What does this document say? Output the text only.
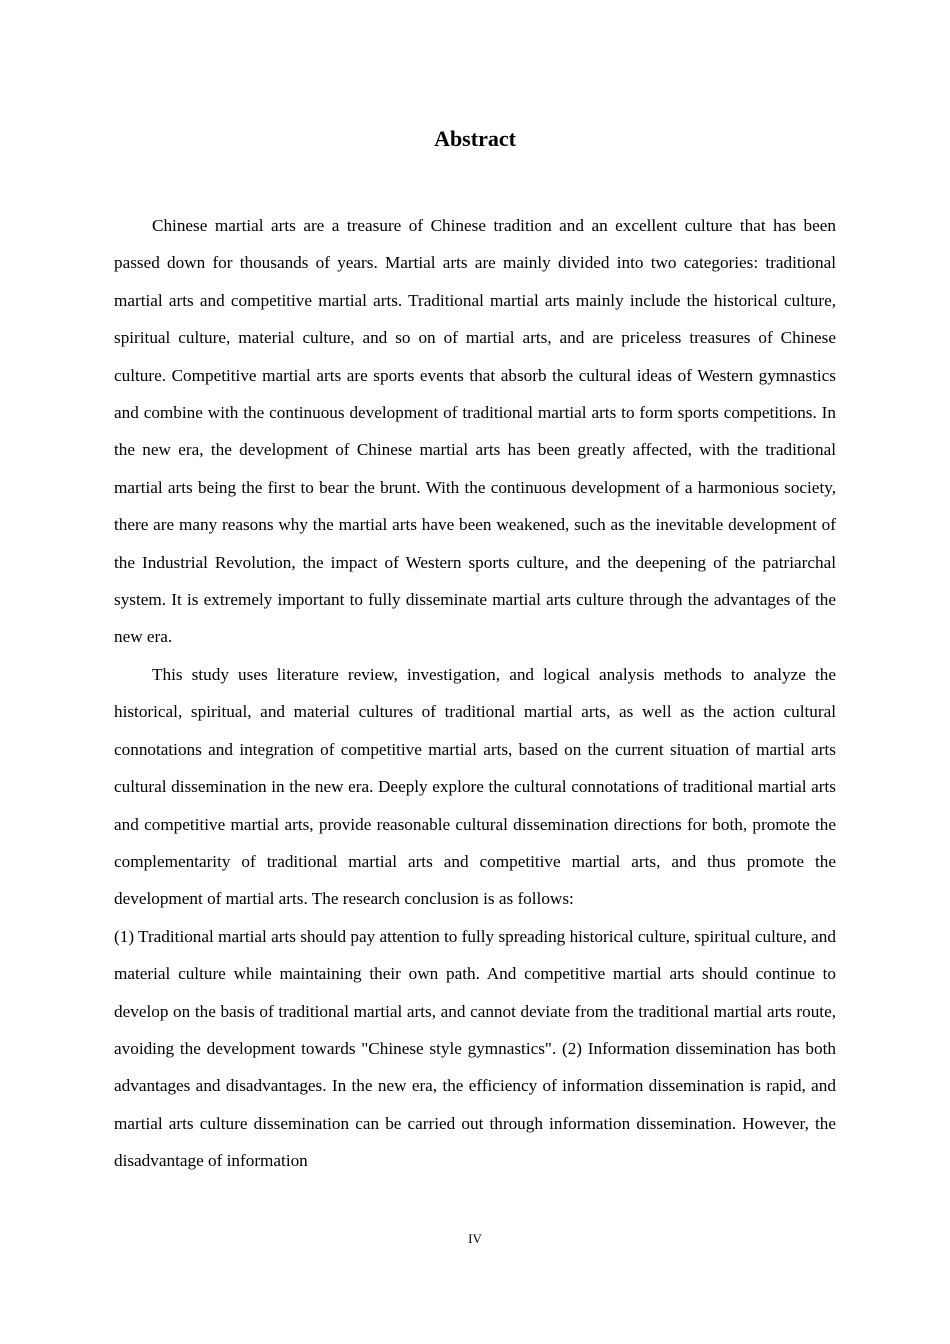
Abstract

Chinese martial arts are a treasure of Chinese tradition and an excellent culture that has been passed down for thousands of years. Martial arts are mainly divided into two categories: traditional martial arts and competitive martial arts. Traditional martial arts mainly include the historical culture, spiritual culture, material culture, and so on of martial arts, and are priceless treasures of Chinese culture. Competitive martial arts are sports events that absorb the cultural ideas of Western gymnastics and combine with the continuous development of traditional martial arts to form sports competitions. In the new era, the development of Chinese martial arts has been greatly affected, with the traditional martial arts being the first to bear the brunt. With the continuous development of a harmonious society, there are many reasons why the martial arts have been weakened, such as the inevitable development of the Industrial Revolution, the impact of Western sports culture, and the deepening of the patriarchal system. It is extremely important to fully disseminate martial arts culture through the advantages of the new era.

This study uses literature review, investigation, and logical analysis methods to analyze the historical, spiritual, and material cultures of traditional martial arts, as well as the action cultural connotations and integration of competitive martial arts, based on the current situation of martial arts cultural dissemination in the new era. Deeply explore the cultural connotations of traditional martial arts and competitive martial arts, provide reasonable cultural dissemination directions for both, promote the complementarity of traditional martial arts and competitive martial arts, and thus promote the development of martial arts. The research conclusion is as follows:

(1) Traditional martial arts should pay attention to fully spreading historical culture, spiritual culture, and material culture while maintaining their own path. And competitive martial arts should continue to develop on the basis of traditional martial arts, and cannot deviate from the traditional martial arts route, avoiding the development towards "Chinese style gymnastics". (2) Information dissemination has both advantages and disadvantages. In the new era, the efficiency of information dissemination is rapid, and martial arts culture dissemination can be carried out through information dissemination. However, the disadvantage of information

IV
